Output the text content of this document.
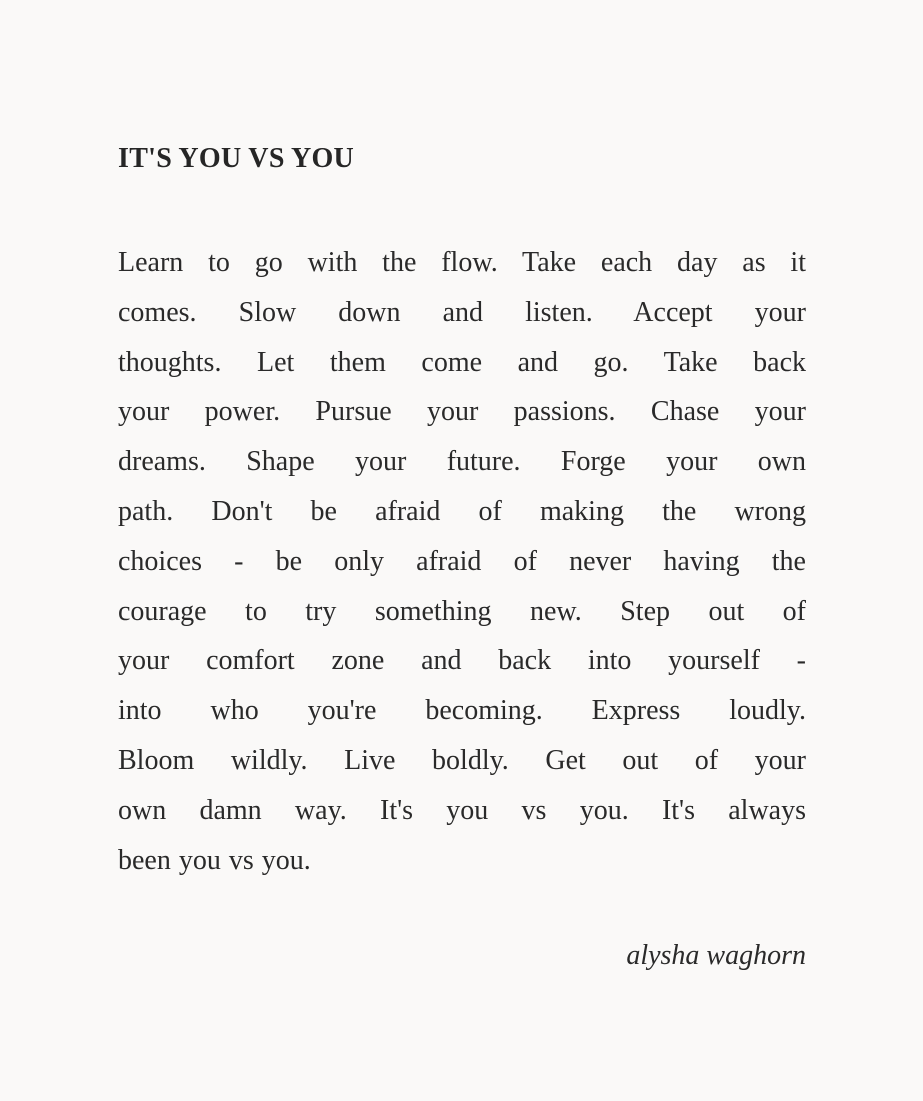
IT'S YOU VS YOU
Learn to go with the flow. Take each day as it
comes. Slow down and listen. Accept your
thoughts. Let them come and go. Take back
your power. Pursue your passions. Chase your
dreams. Shape your future. Forge your own
path. Don't be afraid of making the wrong
choices - be only afraid of never having the
courage to try something new. Step out of
your comfort zone and back into yourself -
into who you're becoming. Express loudly.
Bloom wildly. Live boldly. Get out of your
own damn way. It's you vs you. It's always
been you vs you.
alysha waghorn
